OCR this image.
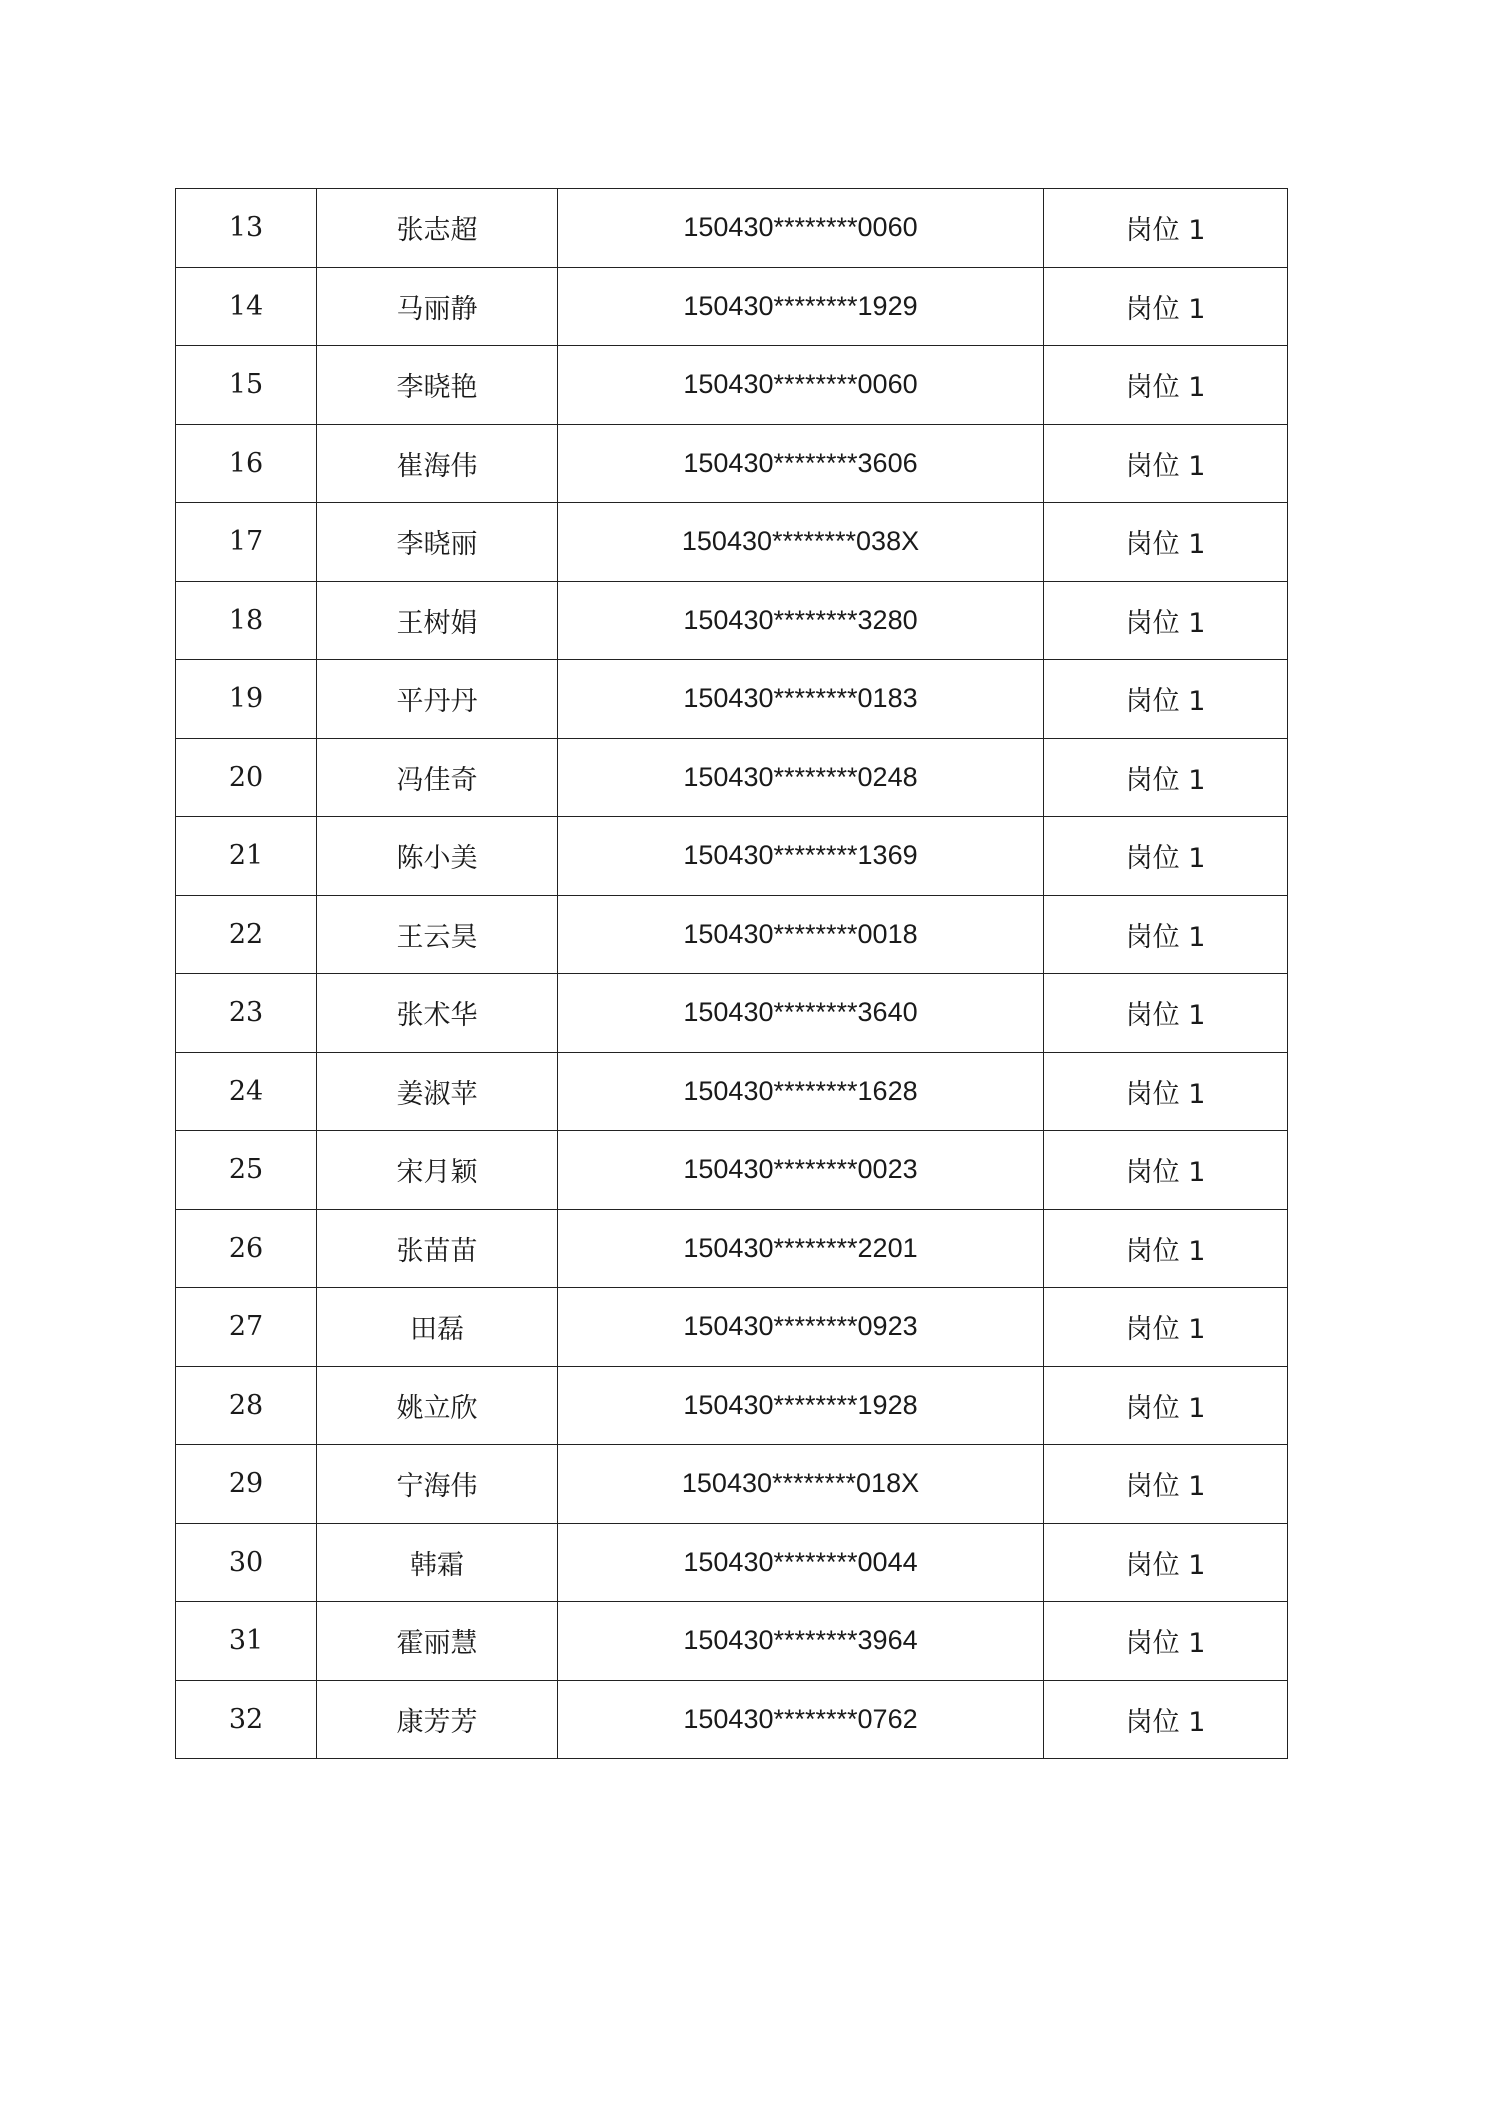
13	张志超	150430********0060	岗位 1
14	马丽静	150430********1929	岗位 1
15	李晓艳	150430********0060	岗位 1
16	崔海伟	150430********3606	岗位 1
17	李晓丽	150430********038X	岗位 1
18	王树娟	150430********3280	岗位 1
19	平丹丹	150430********0183	岗位 1
20	冯佳奇	150430********0248	岗位 1
21	陈小美	150430********1369	岗位 1
22	王云昊	150430********0018	岗位 1
23	张术华	150430********3640	岗位 1
24	姜淑苹	150430********1628	岗位 1
25	宋月颖	150430********0023	岗位 1
26	张苗苗	150430********2201	岗位 1
27	田磊	150430********0923	岗位 1
28	姚立欣	150430********1928	岗位 1
29	宁海伟	150430********018X	岗位 1
30	韩霜	150430********0044	岗位 1
31	霍丽慧	150430********3964	岗位 1
32	康芳芳	150430********0762	岗位 1
